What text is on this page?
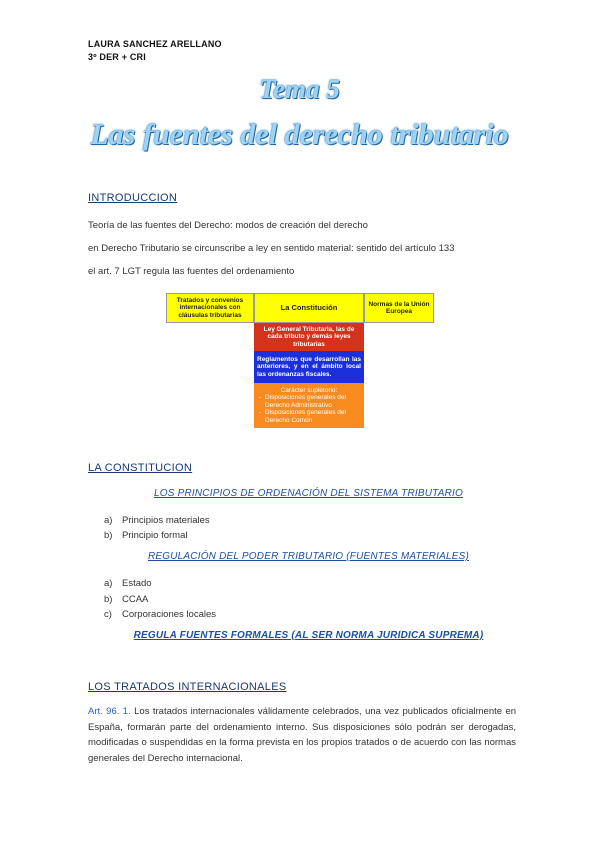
LAURA SANCHEZ ARELLANO
3º DER + CRI
Tema 5
Las fuentes del derecho tributario
INTRODUCCION
Teoría de las fuentes del Derecho: modos de creación del derecho
en Derecho Tributario se circunscribe a ley en sentido material: sentido del artículo 133
el art. 7 LGT regula las fuentes del ordenamiento
Tratados y convenios internacionales con cláusulas tributarias
La Constitución	Normas de la Unión Europea
Ley General Tributaria, las de cada tributo y demás leyes tributarias
Reglamentos que desarrollan las anteriores, y en el ámbito local las ordenanzas fiscales.
Carácter supletorio:
- Disposiciones generales del Derecho Administrativo
- Disposiciones generales del Derecho Común
LA CONSTITUCION
LOS PRINCIPIOS DE ORDENACIÓN DEL SISTEMA TRIBUTARIO
a) Principios materiales
b) Principio formal
REGULACIÓN DEL PODER TRIBUTARIO (FUENTES MATERIALES)
a) Estado
b) CCAA
c) Corporaciones locales
REGULA FUENTES FORMALES (AL SER NORMA JURIDICA SUPREMA)
LOS TRATADOS INTERNACIONALES
Art. 96. 1. Los tratados internacionales válidamente celebrados, una vez publicados oficialmente en España, formarán parte del ordenamiento interno. Sus disposiciones sólo podrán ser derogadas, modificadas o suspendidas en la forma prevista en los propios tratados o de acuerdo con las normas generales del Derecho internacional.
